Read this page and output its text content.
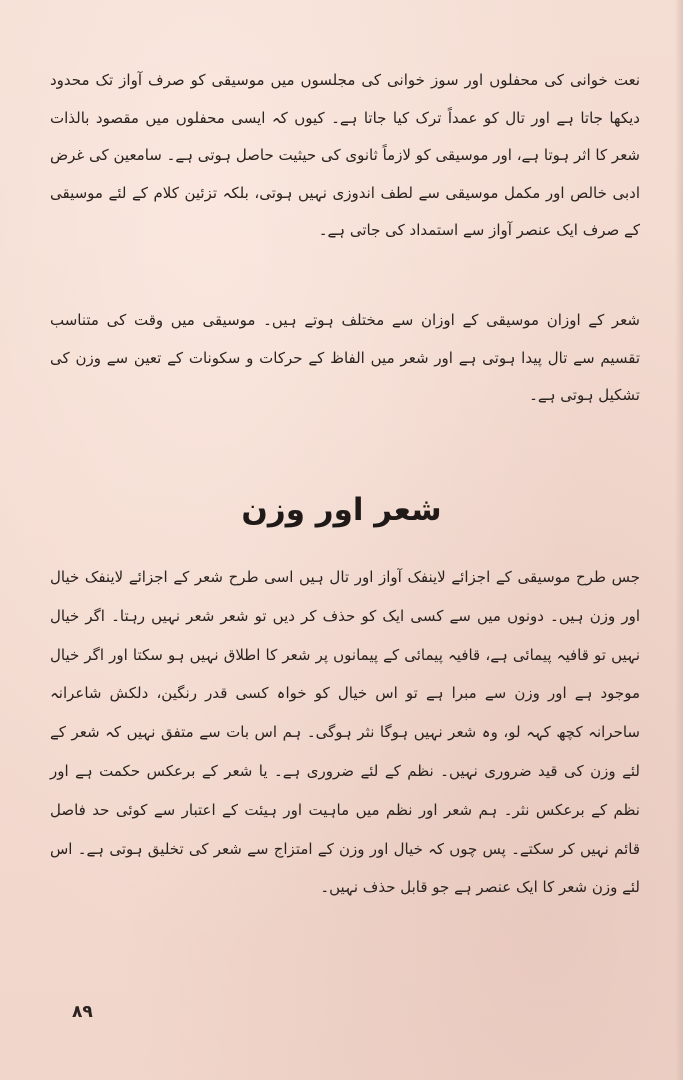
نعت خوانی کی محفلوں اور سوز خوانی کی مجلسوں میں موسیقی کو صرف آواز تک محدود دیکھا جاتا ہے اور تال کو عمداً ترک کیا جاتا ہے۔ کیوں کہ ایسی محفلوں میں مقصود بالذات شعر کا اثر ہوتا ہے، اور موسیقی کو لازماً ثانوی کی حیثیت حاصل ہوتی ہے۔ سامعین کی غرض ادبی خالص اور مکمل موسیقی سے لطف اندوزی نہیں ہوتی، بلکہ تزئین کلام کے لئے موسیقی کے صرف ایک عنصر آواز سے استمداد کی جاتی ہے۔

شعر کے اوزان موسیقی کے اوزان سے مختلف ہوتے ہیں۔ موسیقی میں وقت کی متناسب تقسیم سے تال پیدا ہوتی ہے اور شعر میں الفاظ کے حرکات و سکونات کے تعین سے وزن کی تشکیل ہوتی ہے۔

شعر اور وزن

جس طرح موسیقی کے اجزائے لاینفک آواز اور تال ہیں اسی طرح شعر کے اجزائے لاینفک خیال اور وزن ہیں۔ دونوں میں سے کسی ایک کو حذف کر دیں تو شعر شعر نہیں رہتا۔ اگر خیال نہیں تو قافیہ پیمائی ہے، قافیہ پیمائی کے پیمانوں پر شعر کا اطلاق نہیں ہو سکتا اور اگر خیال موجود ہے اور وزن سے مبرا ہے تو اس خیال کو خواہ کسی قدر رنگین، دلکش شاعرانہ ساحرانہ کچھ کہہ لو، وہ شعر نہیں ہوگا نثر ہوگی۔ ہم اس بات سے متفق نہیں کہ شعر کے لئے وزن کی قید ضروری نہیں۔ نظم کے لئے ضروری ہے۔ یا شعر کے برعکس حکمت ہے اور نظم کے برعکس نثر۔ ہم شعر اور نظم میں ماہیت اور ہیئت کے اعتبار سے کوئی حد فاصل قائم نہیں کر سکتے۔ پس چوں کہ خیال اور وزن کے امتزاج سے شعر کی تخلیق ہوتی ہے۔ اس لئے وزن شعر کا ایک عنصر ہے جو قابل حذف نہیں۔

۸۹
